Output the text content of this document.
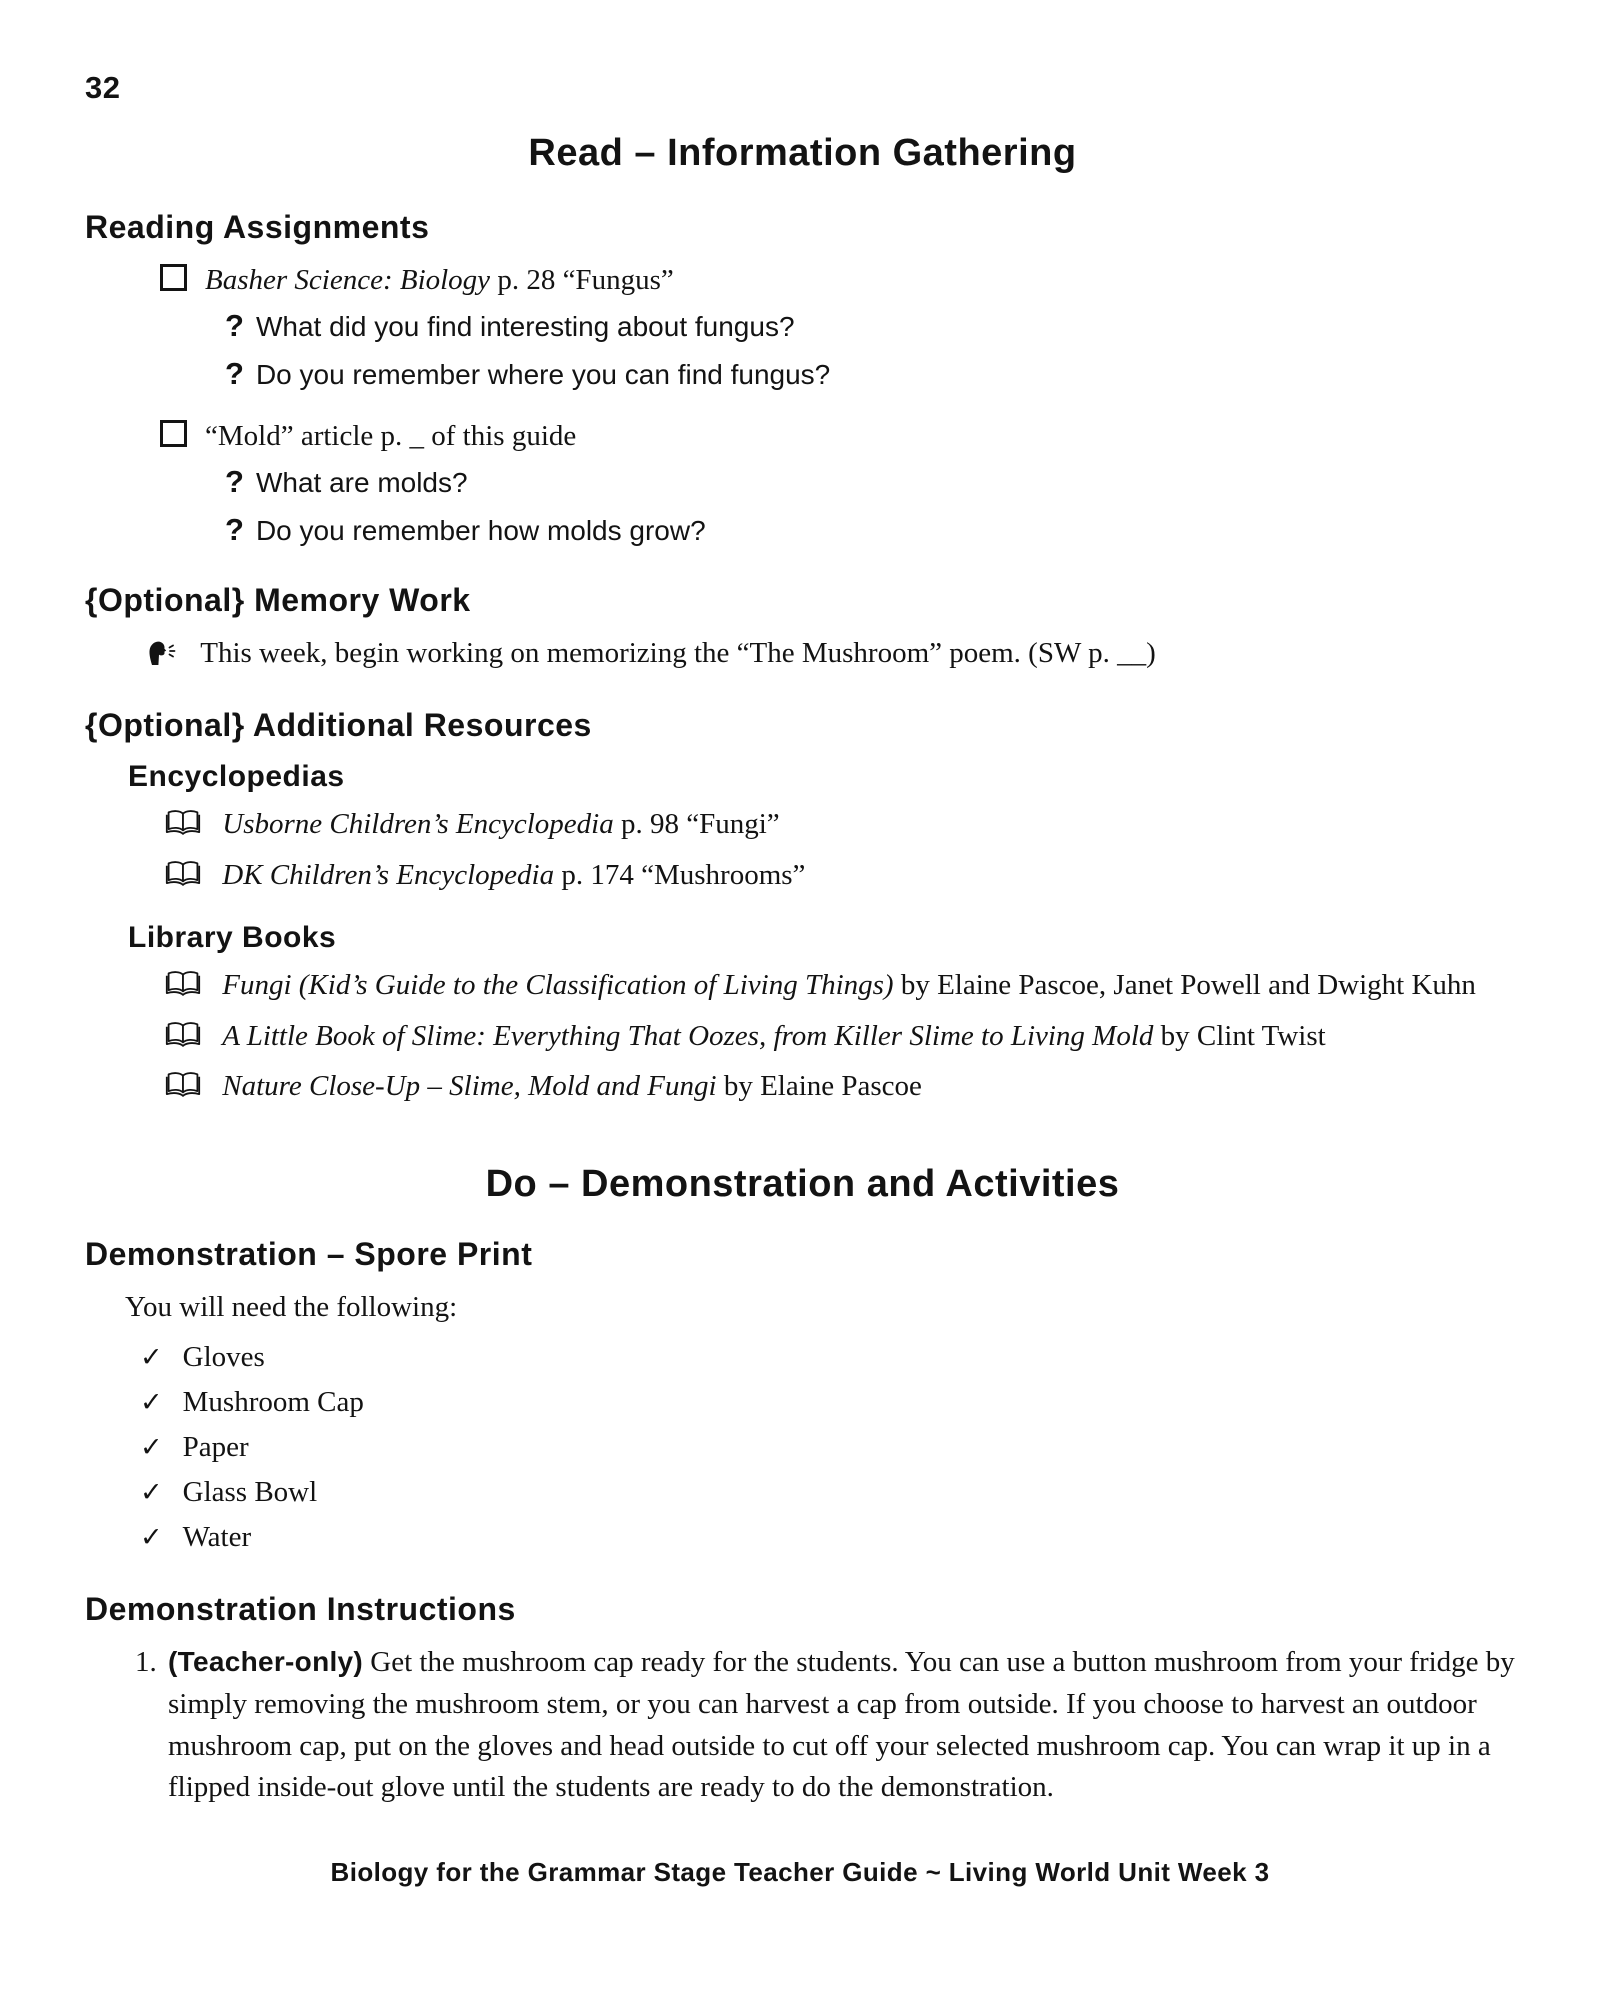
32
Read – Information Gathering
Reading Assignments
Basher Science: Biology p. 28 “Fungus”
? What did you find interesting about fungus?
? Do you remember where you can find fungus?
“Mold” article p. _ of this guide
? What are molds?
? Do you remember how molds grow?
{Optional} Memory Work
This week, begin working on memorizing the “The Mushroom” poem. (SW p. __)
{Optional} Additional Resources
Encyclopedias
Usborne Children’s Encyclopedia p. 98 “Fungi”
DK Children’s Encyclopedia p. 174 “Mushrooms”
Library Books
Fungi (Kid’s Guide to the Classification of Living Things) by Elaine Pascoe, Janet Powell and Dwight Kuhn
A Little Book of Slime: Everything That Oozes, from Killer Slime to Living Mold by Clint Twist
Nature Close-Up – Slime, Mold and Fungi by Elaine Pascoe
Do – Demonstration and Activities
Demonstration – Spore Print
You will need the following:
✓ Gloves
✓ Mushroom Cap
✓ Paper
✓ Glass Bowl
✓ Water
Demonstration Instructions
1. (Teacher-only) Get the mushroom cap ready for the students. You can use a button mushroom from your fridge by simply removing the mushroom stem, or you can harvest a cap from outside. If you choose to harvest an outdoor mushroom cap, put on the gloves and head outside to cut off your selected mushroom cap. You can wrap it up in a flipped inside-out glove until the students are ready to do the demonstration.
Biology for the Grammar Stage Teacher Guide ~ Living World Unit Week 3
